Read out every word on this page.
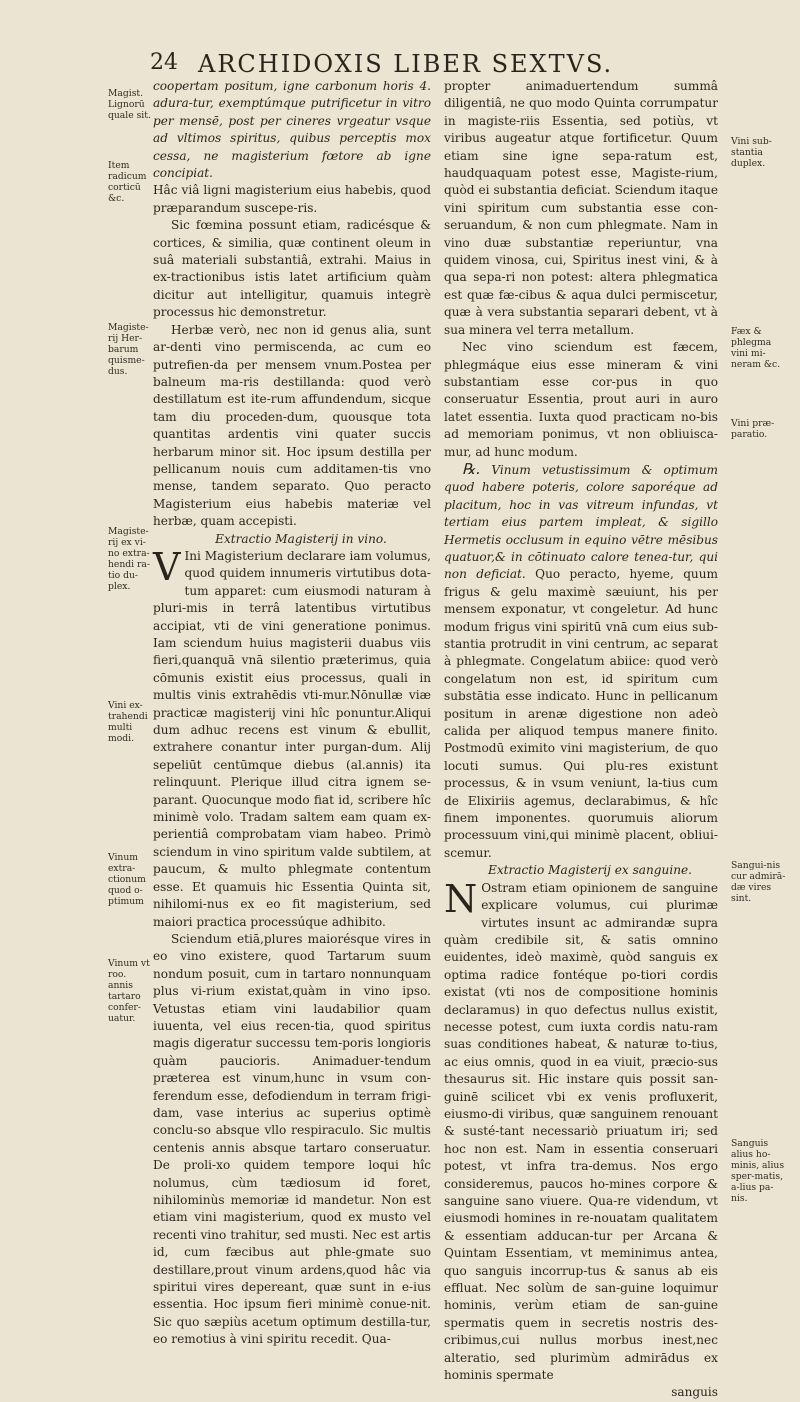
24 ARCHIDOXIS LIBER SEXTVS.

coopertam positum, igne carbonum horis 4. adura-tur, exemptúmque putrificetur in vitro per mensē, post per cineres vrgeatur vsque ad vltimos spiritus, quibus perceptis mox cessa, ne magisterium fœtore ab igne concipiat.

Hâc viâ ligni magisterium eius habebis, quod præparandum suscepe-ris.

Sic fœmina possunt etiam, radicésque & cortices, & similia, quæ continent oleum in suâ materiali substantiâ, extrahi. Maius in ex-tractionibus istis latet artificium quàm dicitur aut intelligitur, quamuis integrè processus hic demonstretur.

Herbæ verò, nec non id genus alia, sunt ar-denti vino permiscenda, ac cum eo putrefien-da per mensem vnum.Postea per balneum ma-ris destillanda: quod verò destillatum est ite-rum affundendum, sicque tam diu proceden-dum, quousque tota quantitas ardentis vini quater succis herbarum minor sit. Hoc ipsum destilla per pellicanum nouis cum additamen-tis vno mense, tandem separato. Quo peracto Magisterium eius habebis materiæ vel herbæ, quam accepisti.

Extractio Magisterij in vino.

V Ini Magisterium declarare iam volumus, quod quidem innumeris virtutibus dota-tum apparet: cum eiusmodi naturam à pluri-mis in terrâ latentibus virtutibus accipiat, vti de vini generatione ponimus. Iam sciendum huius magisterii duabus viis fieri,quanquā vnā silentio præterimus, quia cōmunis existit eius processus, quali in multis vinis extrahēdis vti-mur.Nōnullæ viæ practicæ magisterij vini hîc ponuntur.Aliqui dum adhuc recens est vinum & ebullit, extrahere conantur inter purgan-dum. Alij sepeliūt centūmque diebus (al.annis) ita relinquunt. Plerique illud citra ignem se-parant. Quocunque modo fiat id, scribere hîc minimè volo. Tradam saltem eam quam ex-perientiâ comprobatam viam habeo. Primò sciendum in vino spiritum valde subtilem, at paucum, & multo phlegmate contentum esse. Et quamuis hic Essentia Quinta sit, nihilomi-nus ex eo fit magisterium, sed maiori practica processúque adhibito.

Sciendum etiā,plures maiorésque vires in eo vino existere, quod Tartarum suum nondum posuit, cum in tartaro nonnunquam plus vi-rium existat,quàm in vino ipso. Vetustas etiam vini laudabilior quam iuuenta, vel eius recen-tia, quod spiritus magis digeratur successu tem-poris longioris quàm paucioris. Animaduer-tendum præterea est vinum,hunc in vsum con-ferendum esse, defodiendum in terram frigi-dam, vase interius ac superius optimè conclu-so absque vllo respiraculo. Sic multis centenis annis absque tartaro conseruatur. De proli-xo quidem tempore loqui hîc nolumus, cùm tædiosum id foret, nihilominùs memoriæ id mandetur. Non est etiam vini magisterium, quod ex musto vel recenti vino trahitur, sed musti. Nec est artis id, cum fæcibus aut phle-gmate suo destillare,prout vinum ardens,quod hâc via spiritui vires depereant, quæ sunt in e-ius essentia. Hoc ipsum fieri minimè conue-nit. Sic quo sæpiùs acetum optimum destilla-tur, eo remotius à vini spiritu recedit. Qua-

propter animaduertendum summâ diligentiâ, ne quo modo Quinta corrumpatur in magiste-riis Essentia, sed potiùs, vt viribus augeatur atque fortificetur. Quum etiam sine igne sepa-ratum est, haudquaquam potest esse, Magiste-rium, quòd ei substantia deficiat. Sciendum itaque vini spiritum cum substantia esse con-seruandum, & non cum phlegmate. Nam in vino duæ substantiæ reperiuntur, vna quidem vinosa, cui, Spiritus inest vini, & à qua sepa-ri non potest: altera phlegmatica est quæ fæ-cibus & aqua dulci permiscetur, quæ à vera substantia separari debent, vt à sua minera vel terra metallum.

Nec vino sciendum est fæcem, phlegmáque eius esse mineram & vini substantiam esse cor-pus in quo conseruatur Essentia, prout auri in auro latet essentia. Iuxta quod practicam no-bis ad memoriam ponimus, vt non obliuisca-mur, ad hunc modum.

℞. Vinum vetustissimum & optimum quod habere poteris, colore saporéque ad placitum, hoc in vas vitreum infundas, vt tertiam eius partem impleat, & sigillo Hermetis occlusum in equino vētre mēsibus quatuor,& in cōtinuato calore tenea-tur, qui non deficiat. Quo peracto, hyeme, quum frigus & gelu maximè sæuiunt, his per mensem exponatur, vt congeletur. Ad hunc modum frigus vini spiritū vnā cum eius sub-stantia protrudit in vini centrum, ac separat à phlegmate. Congelatum abiice: quod verò congelatum non est, id spiritum cum substātia esse indicato. Hunc in pellicanum positum in arenæ digestione non adeò calida per aliquod tempus manere finito. Postmodū eximito vini magisterium, de quo locuti sumus. Qui plu-res existunt processus, & in vsum veniunt, la-tius cum de Elixiriis agemus, declarabimus, & hîc finem imponentes. quorumuis aliorum processuum vini,qui minimè placent, obliui-scemur.

Extractio Magisterij ex sanguine.

N Ostram etiam opinionem de sanguine explicare volumus, cui plurimæ virtutes insunt ac admirandæ supra quàm credibile sit, & satis omnino euidentes, ideò maximè, quòd sanguis ex optima radice fontéque po-tiori cordis existat (vti nos de compositione hominis declaramus) in quo defectus nullus existit, necesse potest, cum iuxta cordis natu-ram suas conditiones habeat, & naturæ to-tius, ac eius omnis, quod in ea viuit, præcio-sus thesaurus sit. Hic instare quis possit san-guinē scilicet vbi ex venis profluxerit, eiusmo-di viribus, quæ sanguinem renouant & susté-tant necessariò priuatum iri; sed hoc non est. Nam in essentia conseruari potest, vt infra tra-demus. Nos ergo consideremus, paucos ho-mines corpore & sanguine sano viuere. Qua-re videndum, vt eiusmodi homines in re-nouatam qualitatem & essentiam adducan-tur per Arcana & Quintam Essentiam, vt meminimus antea, quo sanguis incorrup-tus & sanus ab eis effluat. Nec solùm de san-guine loquimur hominis, verùm etiam de san-guine spermatis quem in secretis nostris des-cribimus,cui nullus morbus inest,nec alteratio, sed plurimùm admirādus ex hominis spermate

sanguis

Magist. Lignorū quale sit.
Item radicum corticū &c.
Magiste-rij Her-barum quisme-dus.
Magiste-rij ex vi-no extra-hendi ra-tio du-plex.
Vini ex-trahendi multi modi.
Vinum extra-ctionum quod o-ptimum
Vinum vt roo. annis tartaro confer-uatur.
Vini sub-stantia duplex.
Fæx & phlegma vini mi-neram &c.
Vini præ-paratio.
Sangui-nis cur admirā-dæ vires sint.
Sanguis alius ho-minis, alius sper-matis, a-lius pa-nis.
